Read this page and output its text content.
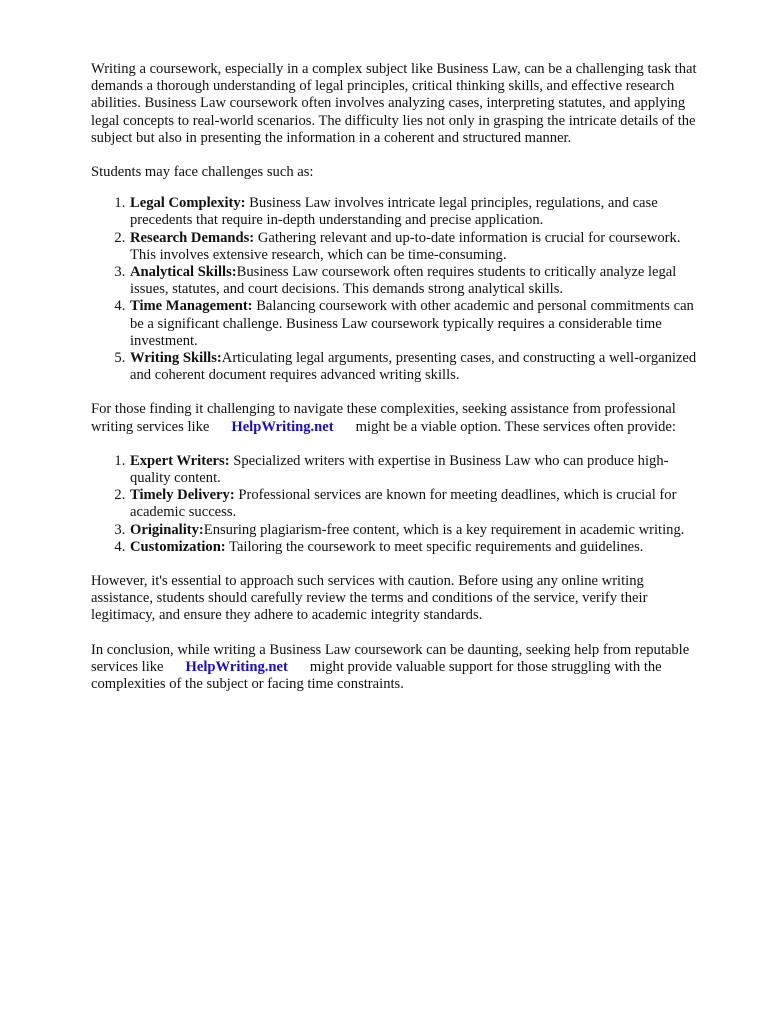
Writing a coursework, especially in a complex subject like Business Law, can be a challenging task that demands a thorough understanding of legal principles, critical thinking skills, and effective research abilities. Business Law coursework often involves analyzing cases, interpreting statutes, and applying legal concepts to real-world scenarios. The difficulty lies not only in grasping the intricate details of the subject but also in presenting the information in a coherent and structured manner.

Students may face challenges such as:

1. Legal Complexity: Business Law involves intricate legal principles, regulations, and case precedents that require in-depth understanding and precise application.
2. Research Demands: Gathering relevant and up-to-date information is crucial for coursework. This involves extensive research, which can be time-consuming.
3. Analytical Skills:Business Law coursework often requires students to critically analyze legal issues, statutes, and court decisions. This demands strong analytical skills.
4. Time Management: Balancing coursework with other academic and personal commitments can be a significant challenge. Business Law coursework typically requires a considerable time investment.
5. Writing Skills:Articulating legal arguments, presenting cases, and constructing a well-organized and coherent document requires advanced writing skills.

For those finding it challenging to navigate these complexities, seeking assistance from professional writing services like HelpWriting.net might be a viable option. These services often provide:

1. Expert Writers: Specialized writers with expertise in Business Law who can produce high-quality content.
2. Timely Delivery: Professional services are known for meeting deadlines, which is crucial for academic success.
3. Originality:Ensuring plagiarism-free content, which is a key requirement in academic writing.
4. Customization: Tailoring the coursework to meet specific requirements and guidelines.

However, it's essential to approach such services with caution. Before using any online writing assistance, students should carefully review the terms and conditions of the service, verify their legitimacy, and ensure they adhere to academic integrity standards.

In conclusion, while writing a Business Law coursework can be daunting, seeking help from reputable services like HelpWriting.net might provide valuable support for those struggling with the complexities of the subject or facing time constraints.
